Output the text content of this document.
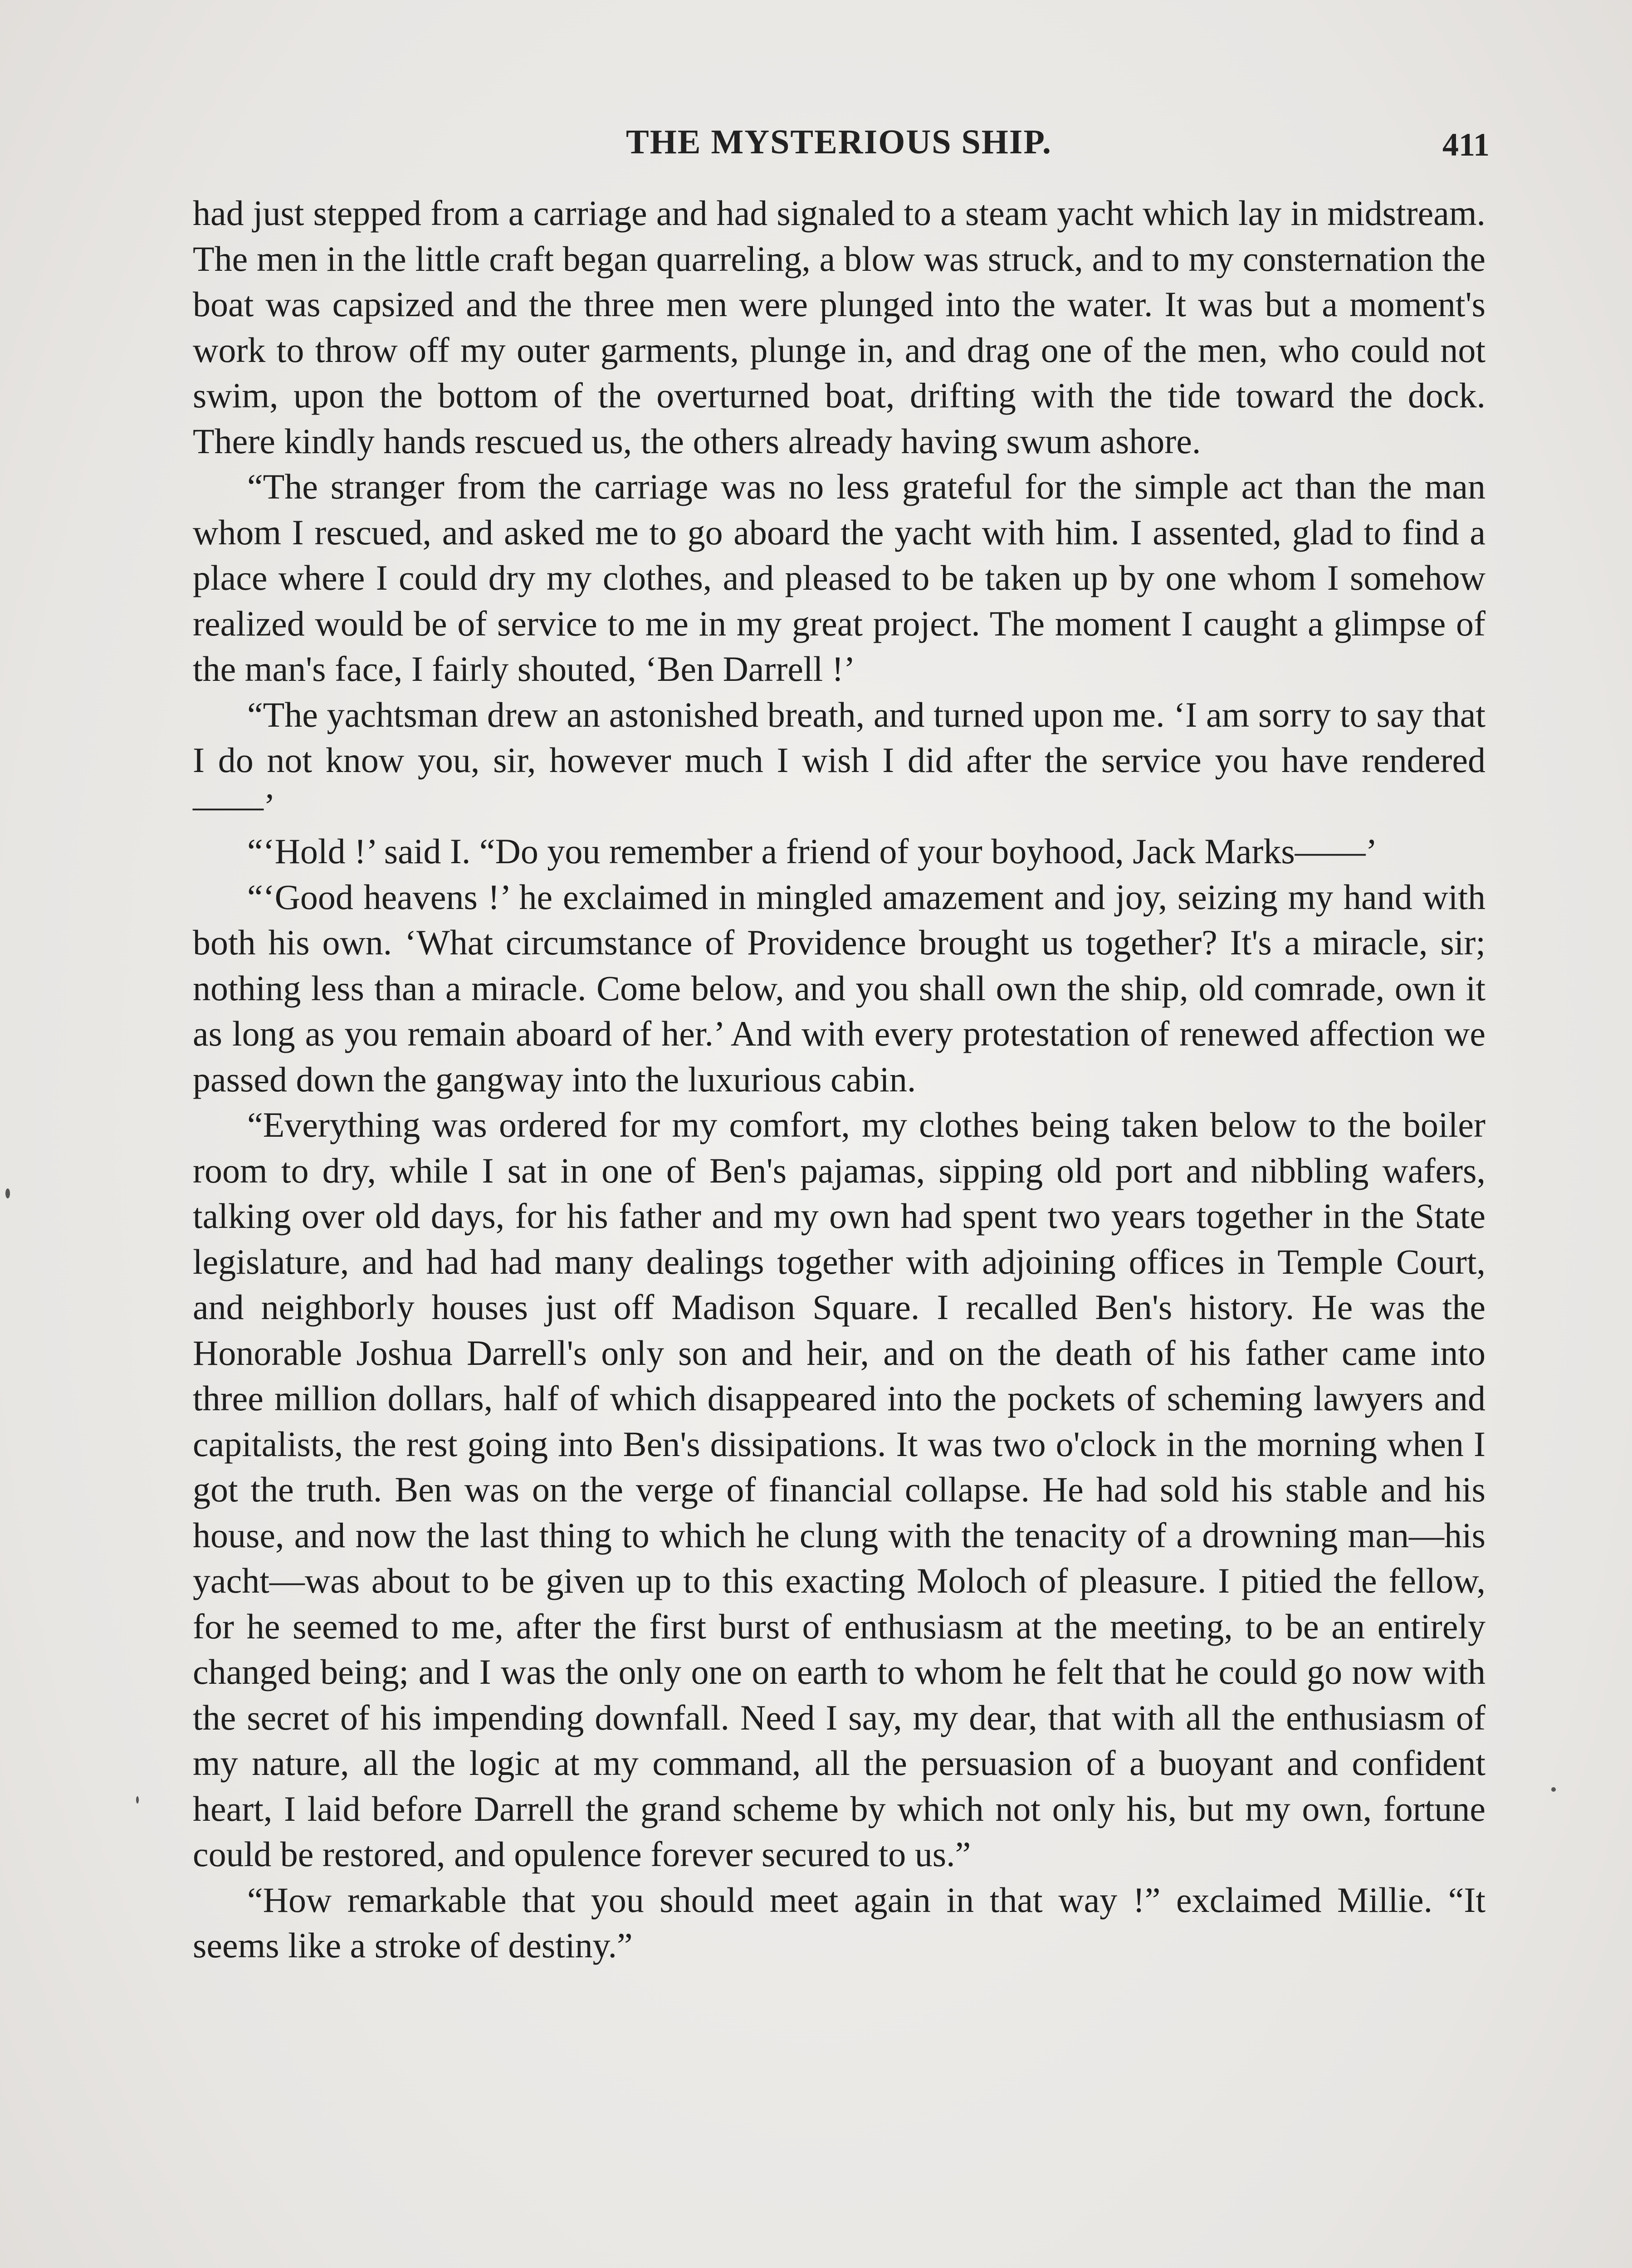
THE MYSTERIOUS SHIP.	411

had just stepped from a carriage and had signaled to a steam yacht which lay in midstream. The men in the little craft began quarreling, a blow was struck, and to my consternation the boat was capsized and the three men were plunged into the water. It was but a moment's work to throw off my outer garments, plunge in, and drag one of the men, who could not swim, upon the bottom of the overturned boat, drifting with the tide toward the dock. There kindly hands rescued us, the others already having swum ashore.

“The stranger from the carriage was no less grateful for the simple act than the man whom I rescued, and asked me to go aboard the yacht with him. I assented, glad to find a place where I could dry my clothes, and pleased to be taken up by one whom I somehow realized would be of service to me in my great project. The moment I caught a glimpse of the man's face, I fairly shouted, ‘Ben Darrell !’

“The yachtsman drew an astonished breath, and turned upon me. ‘I am sorry to say that I do not know you, sir, however much I wish I did after the service you have rendered——’

“‘Hold !’ said I. “Do you remember a friend of your boyhood, Jack Marks——’

“‘Good heavens !’ he exclaimed in mingled amazement and joy, seizing my hand with both his own. ‘What circumstance of Providence brought us together? It's a miracle, sir; nothing less than a miracle. Come below, and you shall own the ship, old comrade, own it as long as you remain aboard of her.’ And with every protestation of renewed affection we passed down the gangway into the luxurious cabin.

“Everything was ordered for my comfort, my clothes being taken below to the boiler room to dry, while I sat in one of Ben's pajamas, sipping old port and nibbling wafers, talking over old days, for his father and my own had spent two years together in the State legislature, and had had many dealings together with adjoining offices in Temple Court, and neighborly houses just off Madison Square. I recalled Ben's history. He was the Honorable Joshua Darrell's only son and heir, and on the death of his father came into three million dollars, half of which disappeared into the pockets of scheming lawyers and capitalists, the rest going into Ben's dissipations. It was two o'clock in the morning when I got the truth. Ben was on the verge of financial collapse. He had sold his stable and his house, and now the last thing to which he clung with the tenacity of a drowning man—his yacht—was about to be given up to this exacting Moloch of pleasure. I pitied the fellow, for he seemed to me, after the first burst of enthusiasm at the meeting, to be an entirely changed being; and I was the only one on earth to whom he felt that he could go now with the secret of his impending downfall. Need I say, my dear, that with all the enthusiasm of my nature, all the logic at my command, all the persuasion of a buoyant and confident heart, I laid before Darrell the grand scheme by which not only his, but my own, fortune could be restored, and opulence forever secured to us.”

“How remarkable that you should meet again in that way !” exclaimed Millie. “It seems like a stroke of destiny.”
